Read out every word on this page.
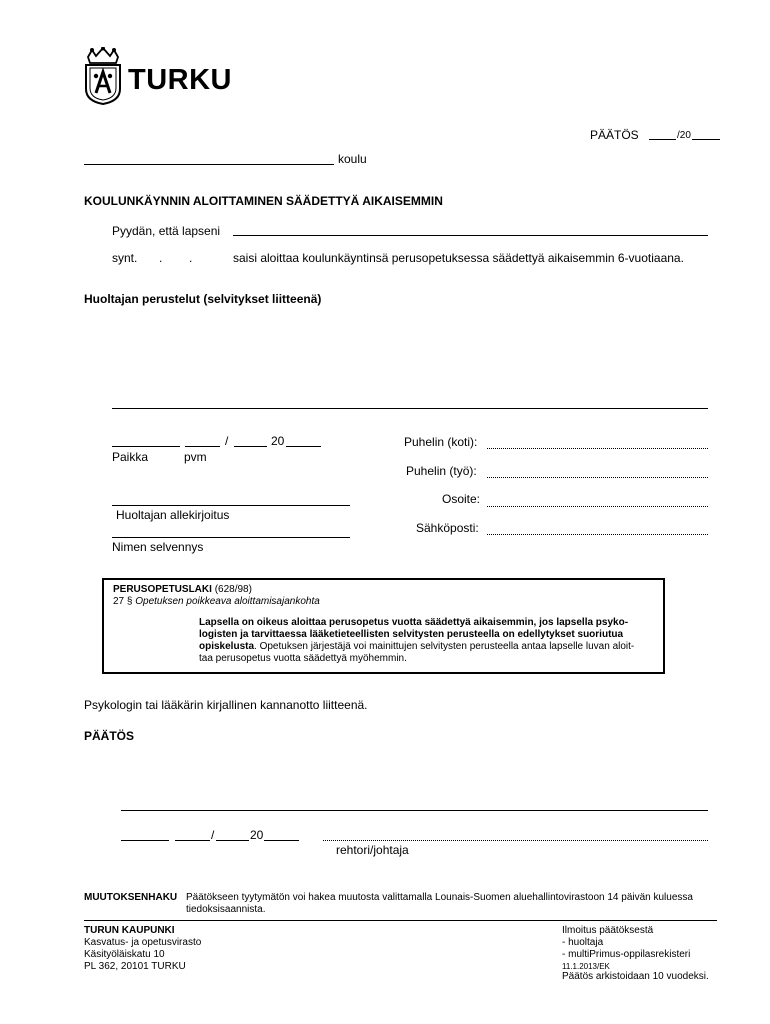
TURKU
PÄÄTÖS	/20
koulu
KOULUNKÄYNNIN ALOITTAMINEN SÄÄDETTYÄ AIKAISEMMIN
Pyydän, että lapseni
synt. . .	saisi aloittaa koulunkäyntinsä perusopetuksessa säädettyä aikaisemmin 6-vuotiaana.
Huoltajan perustelut (selvitykset liitteenä)
/	20
Paikka	pvm
Puhelin (koti):
Puhelin (työ):
Osoite:
Sähköposti:
Huoltajan allekirjoitus
Nimen selvennys
PERUSOPETUSLAKI (628/98)
27 § Opetuksen poikkeava aloittamisajankohta
Lapsella on oikeus aloittaa perusopetus vuotta säädettyä aikaisemmin, jos lapsella psyko-
logisten ja tarvittaessa lääketieteellisten selvitysten perusteella on edellytykset suoriutua
opiskelusta. Opetuksen järjestäjä voi mainittujen selvitysten perusteella antaa lapselle luvan aloit-
taa perusopetus vuotta säädettyä myöhemmin.
Psykologin tai lääkärin kirjallinen kannanotto liitteenä.
PÄÄTÖS
/	20
rehtori/johtaja
MUUTOKSENHAKU Päätökseen tyytymätön voi hakea muutosta valittamalla Lounais-Suomen aluehallintovirastoon 14 päivän kuluessa
tiedoksisaannista.
TURUN KAUPUNKI
Kasvatus- ja opetusvirasto
Käsityöläiskatu 10
PL 362, 20101 TURKU
Ilmoitus päätöksestä
- huoltaja
- multiPrimus-oppilasrekisteri
11.1.2013/EK
Päätös arkistoidaan 10 vuodeksi.
